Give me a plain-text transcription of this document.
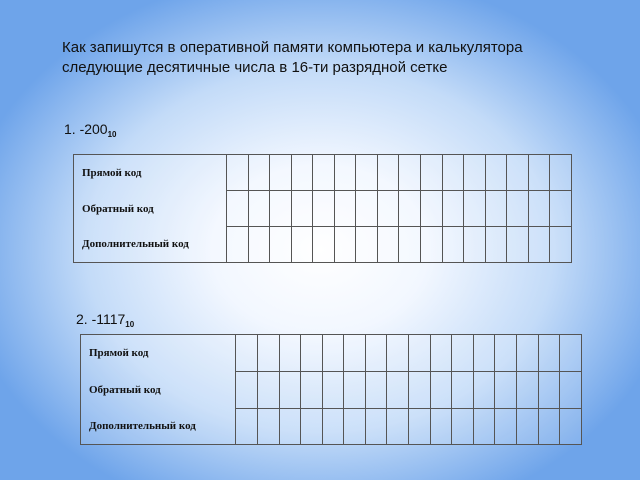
Как запишутся в оперативной памяти компьютера и калькулятора следующие десятичные числа в 16-ти разрядной сетке
1. $-200_{10}$
Прямой код																
Обратный код																
Дополнительный код																
2. $-1117_{10}$
Прямой код																
Обратный код																
Дополнительный код																
